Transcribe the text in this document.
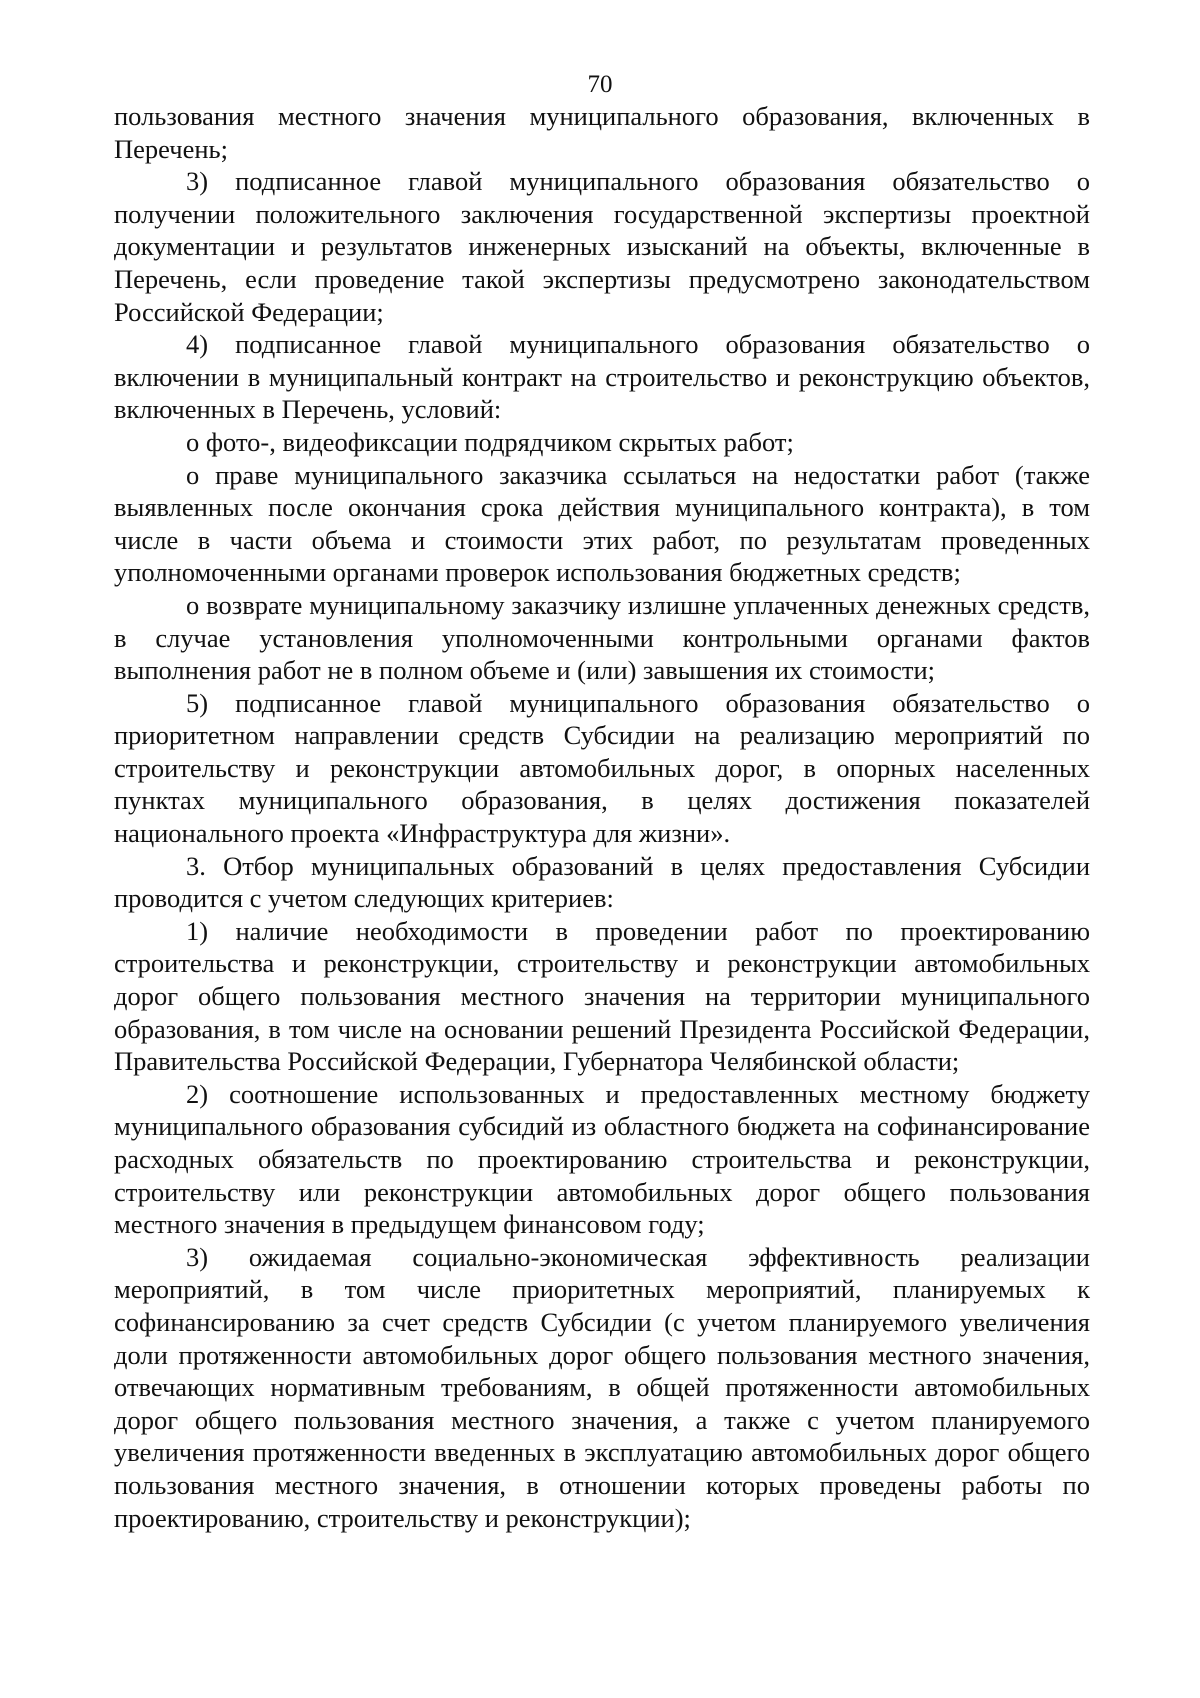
70

пользования местного значения муниципального образования, включенных в Перечень;

3) подписанное главой муниципального образования обязательство о получении положительного заключения государственной экспертизы проектной документации и результатов инженерных изысканий на объекты, включенные в Перечень, если проведение такой экспертизы предусмотрено законодательством Российской Федерации;

4) подписанное главой муниципального образования обязательство о включении в муниципальный контракт на строительство и реконструкцию объектов, включенных в Перечень, условий:

о фото-, видеофиксации подрядчиком скрытых работ;

о праве муниципального заказчика ссылаться на недостатки работ (также выявленных после окончания срока действия муниципального контракта), в том числе в части объема и стоимости этих работ, по результатам проведенных уполномоченными органами проверок использования бюджетных средств;

о возврате муниципальному заказчику излишне уплаченных денежных средств, в случае установления уполномоченными контрольными органами фактов выполнения работ не в полном объеме и (или) завышения их стоимости;

5) подписанное главой муниципального образования обязательство о приоритетном направлении средств Субсидии на реализацию мероприятий по строительству и реконструкции автомобильных дорог, в опорных населенных пунктах муниципального образования, в целях достижения показателей национального проекта «Инфраструктура для жизни».

3. Отбор муниципальных образований в целях предоставления Субсидии проводится с учетом следующих критериев:

1) наличие необходимости в проведении работ по проектированию строительства и реконструкции, строительству и реконструкции автомобильных дорог общего пользования местного значения на территории муниципального образования, в том числе на основании решений Президента Российской Федерации, Правительства Российской Федерации, Губернатора Челябинской области;

2) соотношение использованных и предоставленных местному бюджету муниципального образования субсидий из областного бюджета на софинансирование расходных обязательств по проектированию строительства и реконструкции, строительству или реконструкции автомобильных дорог общего пользования местного значения в предыдущем финансовом году;

3) ожидаемая социально-экономическая эффективность реализации мероприятий, в том числе приоритетных мероприятий, планируемых к софинансированию за счет средств Субсидии (с учетом планируемого увеличения доли протяженности автомобильных дорог общего пользования местного значения, отвечающих нормативным требованиям, в общей протяженности автомобильных дорог общего пользования местного значения, а также с учетом планируемого увеличения протяженности введенных в эксплуатацию автомобильных дорог общего пользования местного значения, в отношении которых проведены работы по проектированию, строительству и реконструкции);
